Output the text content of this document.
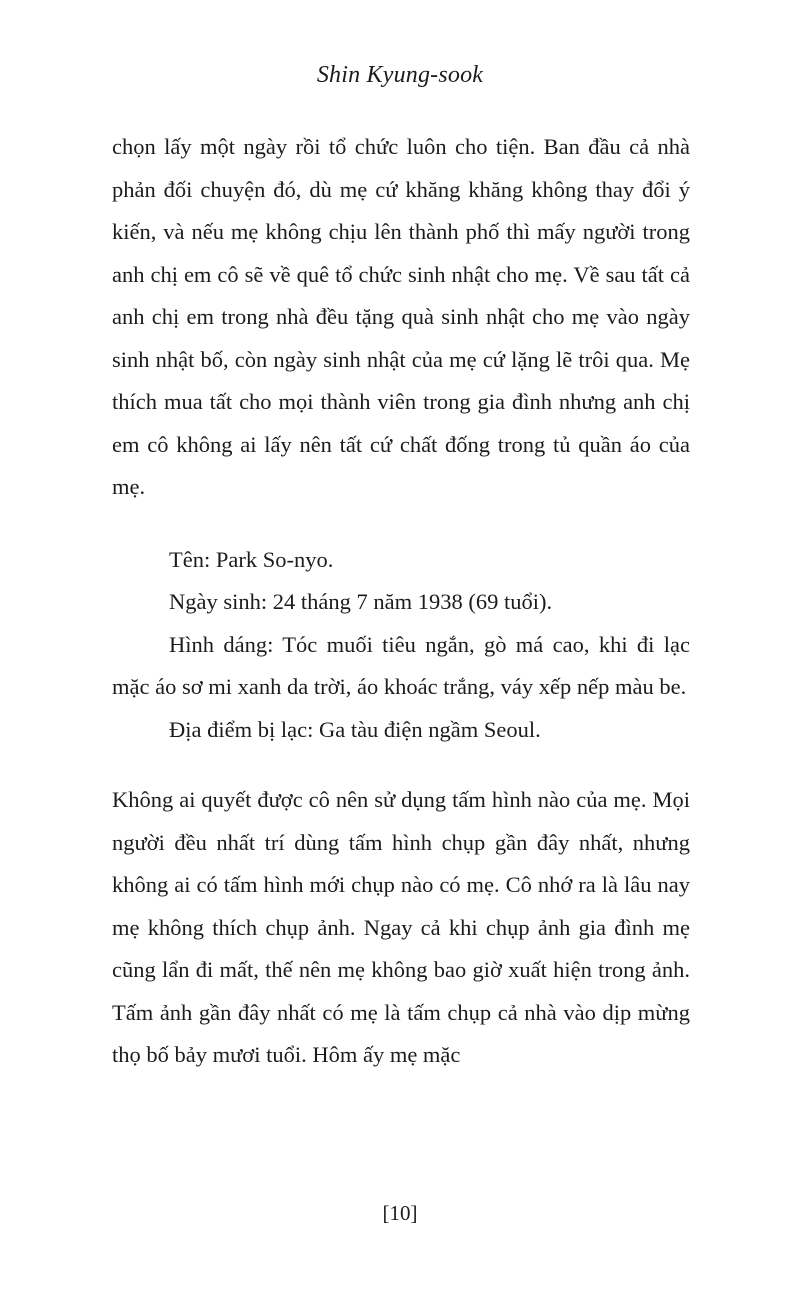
Shin Kyung-sook

chọn lấy một ngày rồi tổ chức luôn cho tiện. Ban đầu cả nhà phản đối chuyện đó, dù mẹ cứ khăng khăng không thay đổi ý kiến, và nếu mẹ không chịu lên thành phố thì mấy người trong anh chị em cô sẽ về quê tổ chức sinh nhật cho mẹ. Về sau tất cả anh chị em trong nhà đều tặng quà sinh nhật cho mẹ vào ngày sinh nhật bố, còn ngày sinh nhật của mẹ cứ lặng lẽ trôi qua. Mẹ thích mua tất cho mọi thành viên trong gia đình nhưng anh chị em cô không ai lấy nên tất cứ chất đống trong tủ quần áo của mẹ.

Tên: Park So-nyo.

Ngày sinh: 24 tháng 7 năm 1938 (69 tuổi).

Hình dáng: Tóc muối tiêu ngắn, gò má cao, khi đi lạc mặc áo sơ mi xanh da trời, áo khoác trắng, váy xếp nếp màu be.

Địa điểm bị lạc: Ga tàu điện ngầm Seoul.

Không ai quyết được cô nên sử dụng tấm hình nào của mẹ. Mọi người đều nhất trí dùng tấm hình chụp gần đây nhất, nhưng không ai có tấm hình mới chụp nào có mẹ. Cô nhớ ra là lâu nay mẹ không thích chụp ảnh. Ngay cả khi chụp ảnh gia đình mẹ cũng lẩn đi mất, thế nên mẹ không bao giờ xuất hiện trong ảnh. Tấm ảnh gần đây nhất có mẹ là tấm chụp cả nhà vào dịp mừng thọ bố bảy mươi tuổi. Hôm ấy mẹ mặc

[10]
